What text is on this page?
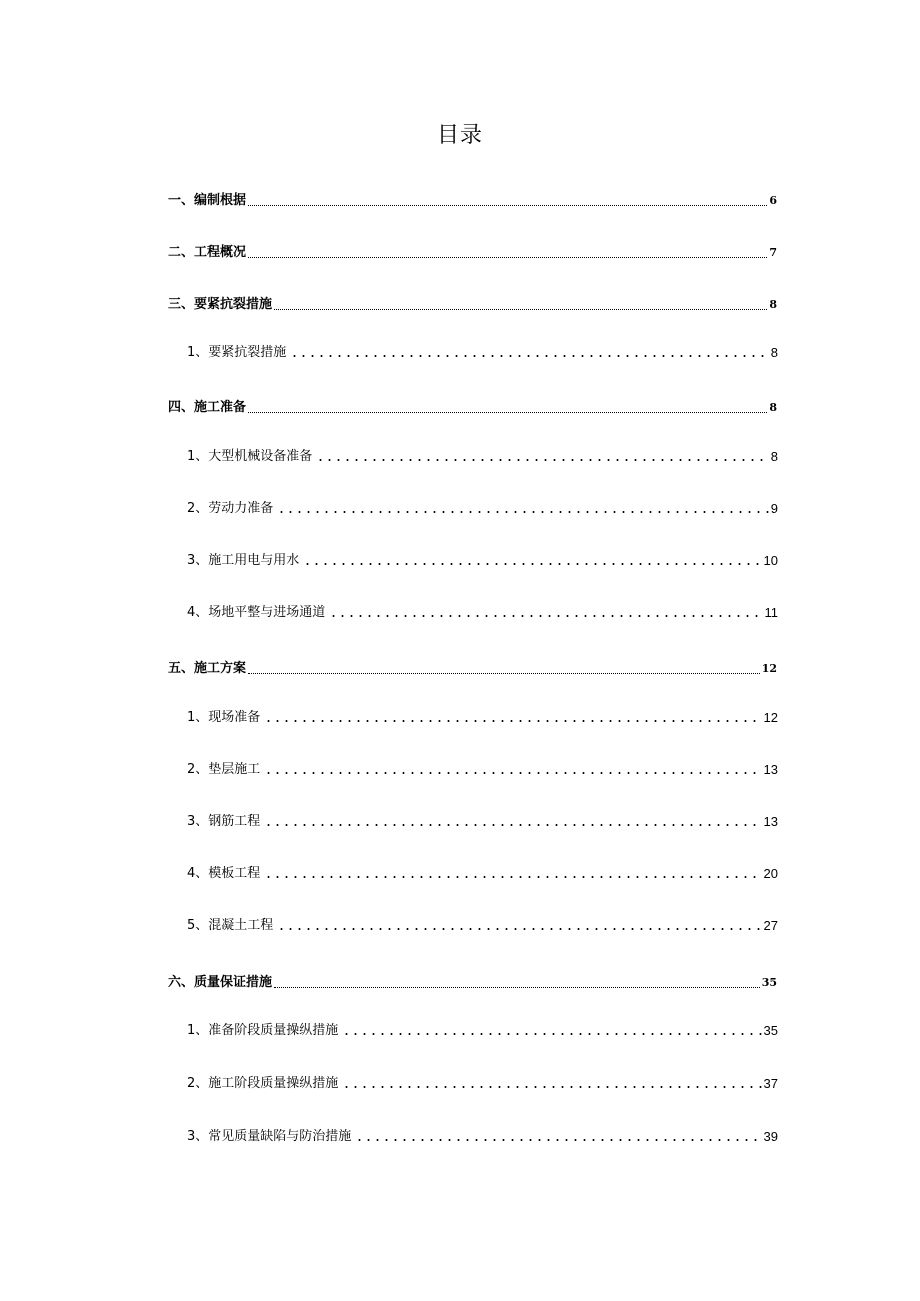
目录
一、编制根据	6
二、工程概况	7
三、要紧抗裂措施	8
1、要紧抗裂措施	8
四、施工准备	8
1、大型机械设备准备	8
2、劳动力准备	9
3、施工用电与用水	10
4、场地平整与进场通道	11
五、施工方案	12
1、现场准备	12
2、垫层施工	13
3、钢筋工程	13
4、模板工程	20
5、混凝土工程	27
六、质量保证措施	35
1、准备阶段质量操纵措施	35
2、施工阶段质量操纵措施	37
3、常见质量缺陷与防治措施	39
